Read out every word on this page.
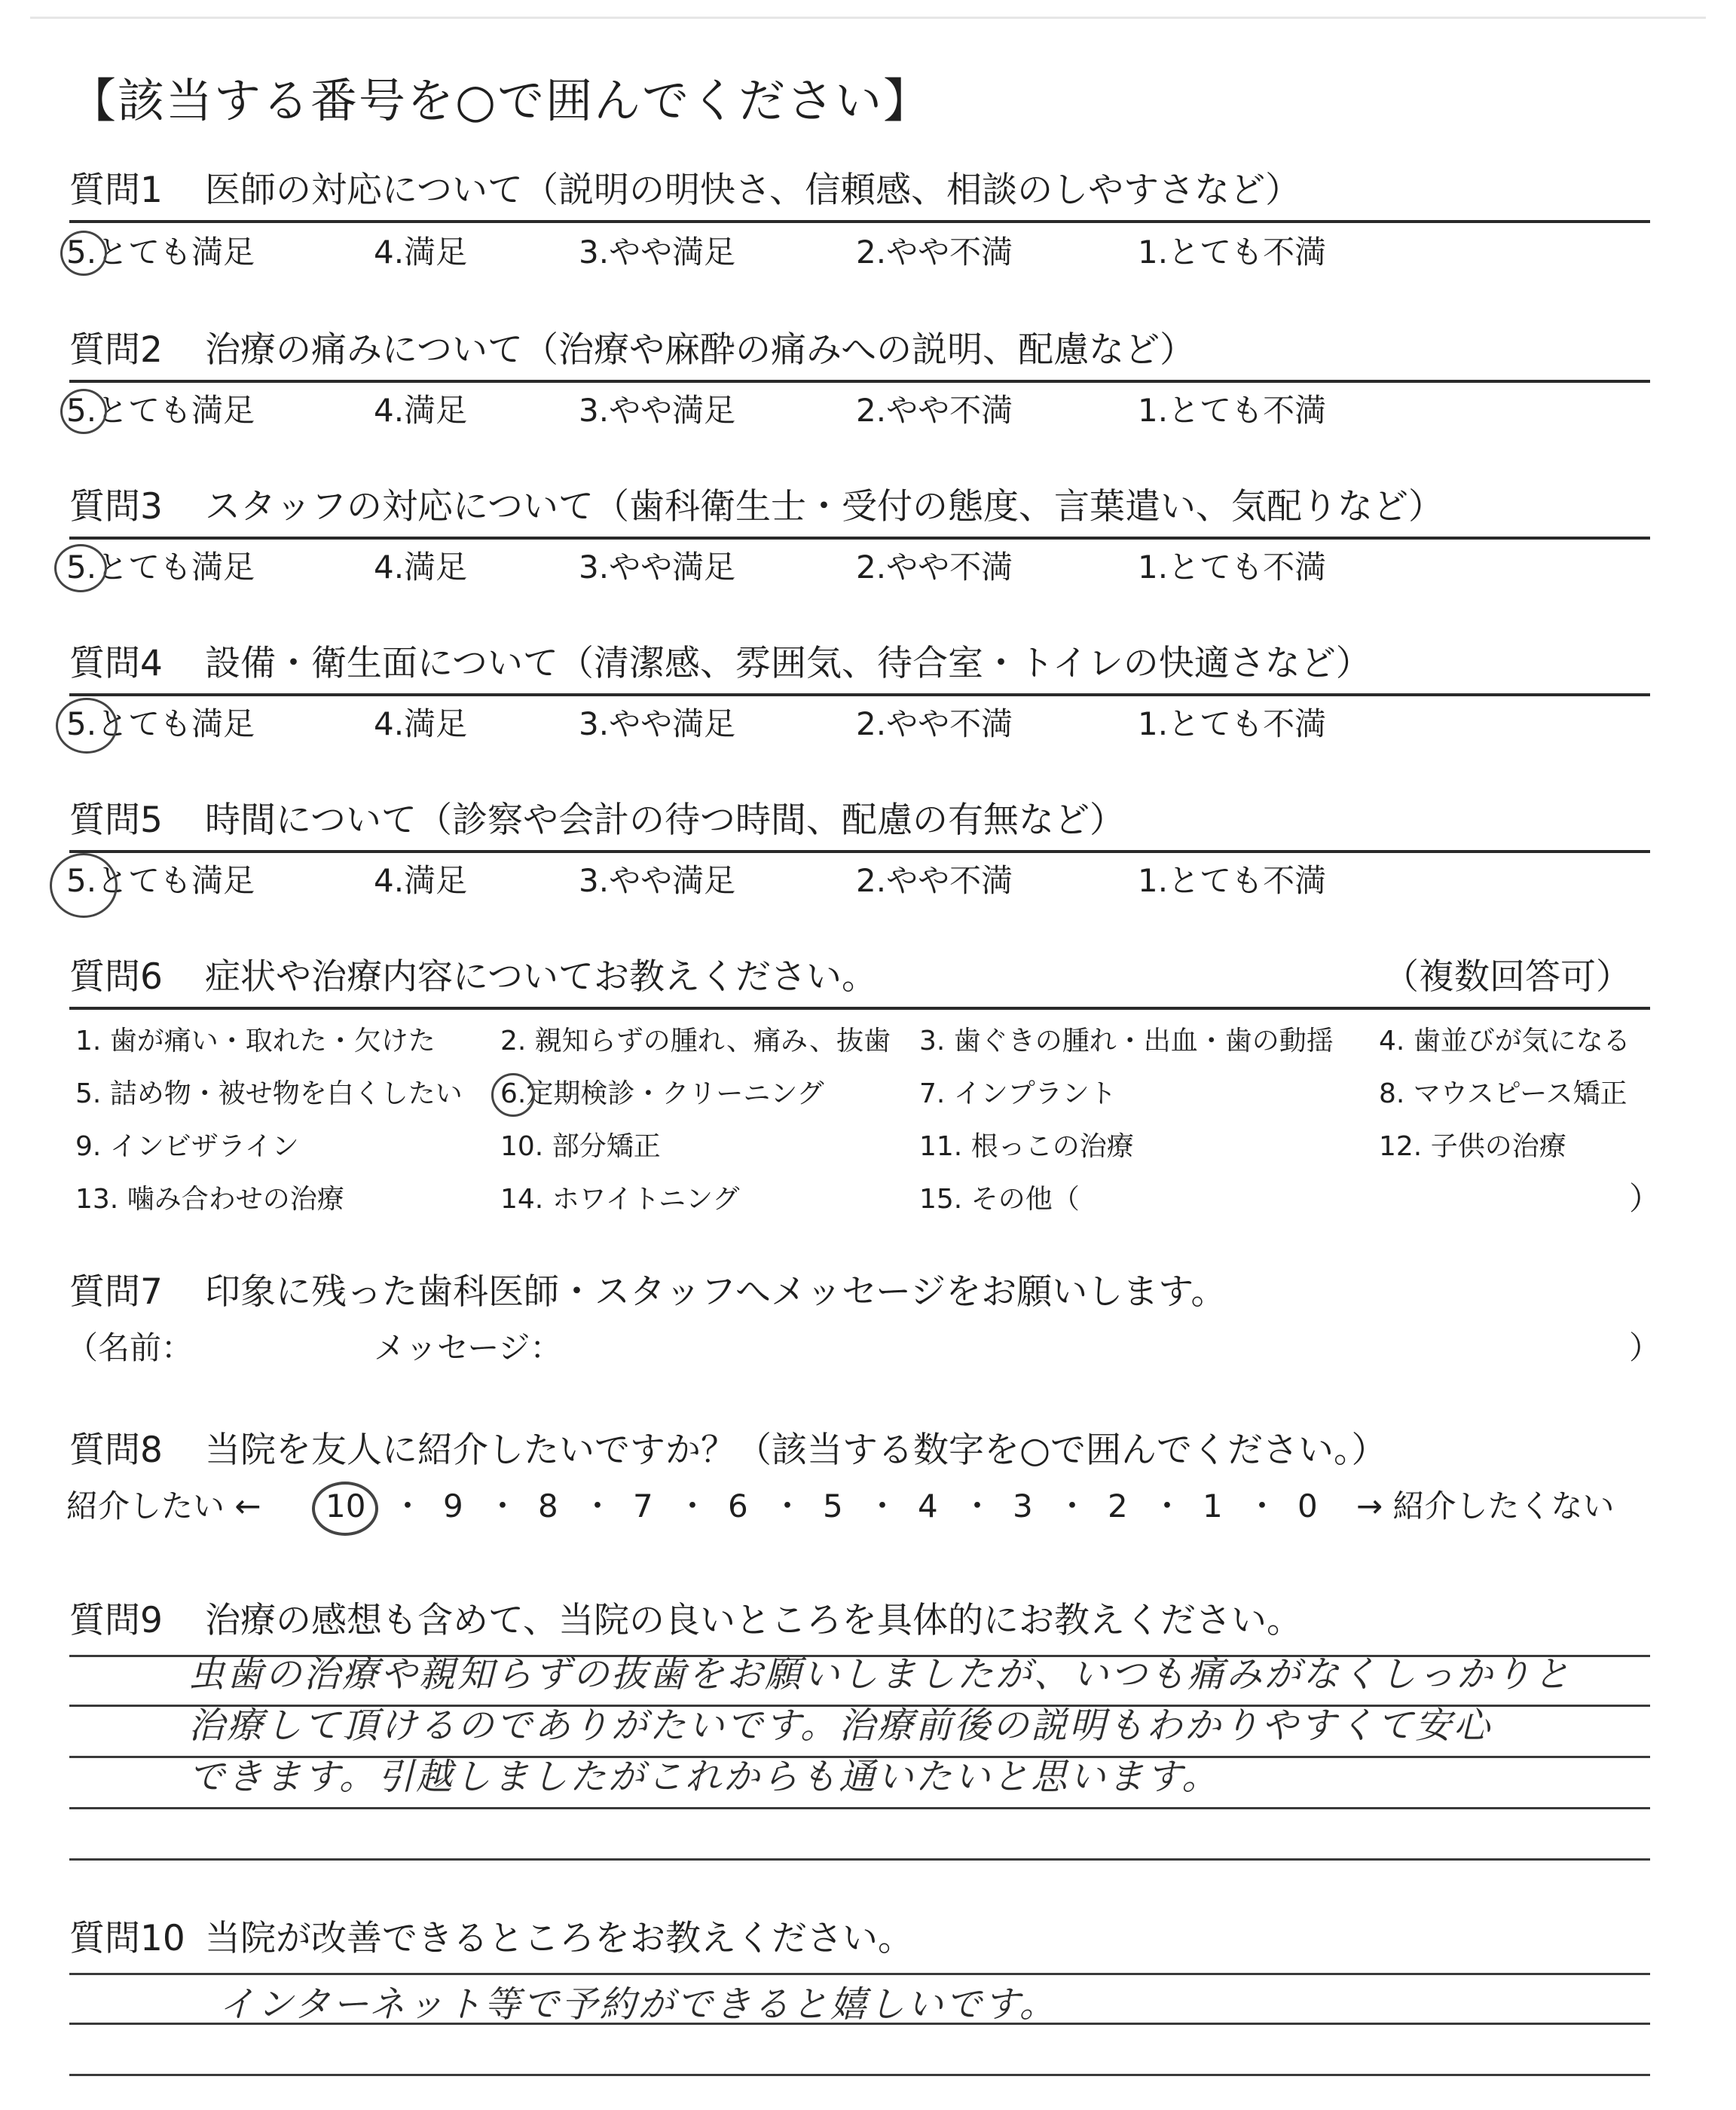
【該当する番号を○で囲んでください】
質問1 医師の対応について（説明の明快さ、信頼感、相談のしやすさなど）
5.とても満足	4.満足	3.やや満足	2.やや不満	1.とても不満
質問2 治療の痛みについて（治療や麻酔の痛みへの説明、配慮など）
5.とても満足	4.満足	3.やや満足	2.やや不満	1.とても不満
質問3 スタッフの対応について（歯科衛生士・受付の態度、言葉遣い、気配りなど）
5.とても満足	4.満足	3.やや満足	2.やや不満	1.とても不満
質問4 設備・衛生面について（清潔感、雰囲気、待合室・トイレの快適さなど）
5.とても満足	4.満足	3.やや満足	2.やや不満	1.とても不満
質問5 時間について（診察や会計の待つ時間、配慮の有無など）
5.とても満足	4.満足	3.やや満足	2.やや不満	1.とても不満
質問6 症状や治療内容についてお教えください。	（複数回答可）
1. 歯が痛い・取れた・欠けた 2. 親知らずの腫れ、痛み、抜歯 3. 歯ぐきの腫れ・出血・歯の動揺 4. 歯並びが気になる
5. 詰め物・被せ物を白くしたい 6.定期検診・クリーニング	7. インプラント	8. マウスピース矯正
9. インビザライン	10. 部分矯正	11. 根っこの治療	12. 子供の治療
13. 噛み合わせの治療	14. ホワイトニング	15. その他（	）
質問7 印象に残った歯科医師・スタッフへメッセージをお願いします。
（名前：	メッセージ：	）
質問8 当院を友人に紹介したいですか？（該当する数字を○で囲んでください。）
紹介したい ← 10 ・ 9 ・ 8 ・ 7 ・ 6 ・ 5 ・ 4 ・ 3 ・ 2 ・ 1 ・ 0 → 紹介したくない
質問9 治療の感想も含めて、当院の良いところを具体的にお教えください。
虫歯の治療や親知らずの抜歯をお願いしましたが、いつも痛みがなくしっかりと
治療して頂けるのでありがたいです。治療前後の説明もわかりやすくて安心
できます。引越しましたがこれからも通いたいと思います。
質問10 当院が改善できるところをお教えください。
インターネット等で予約ができると嬉しいです。
